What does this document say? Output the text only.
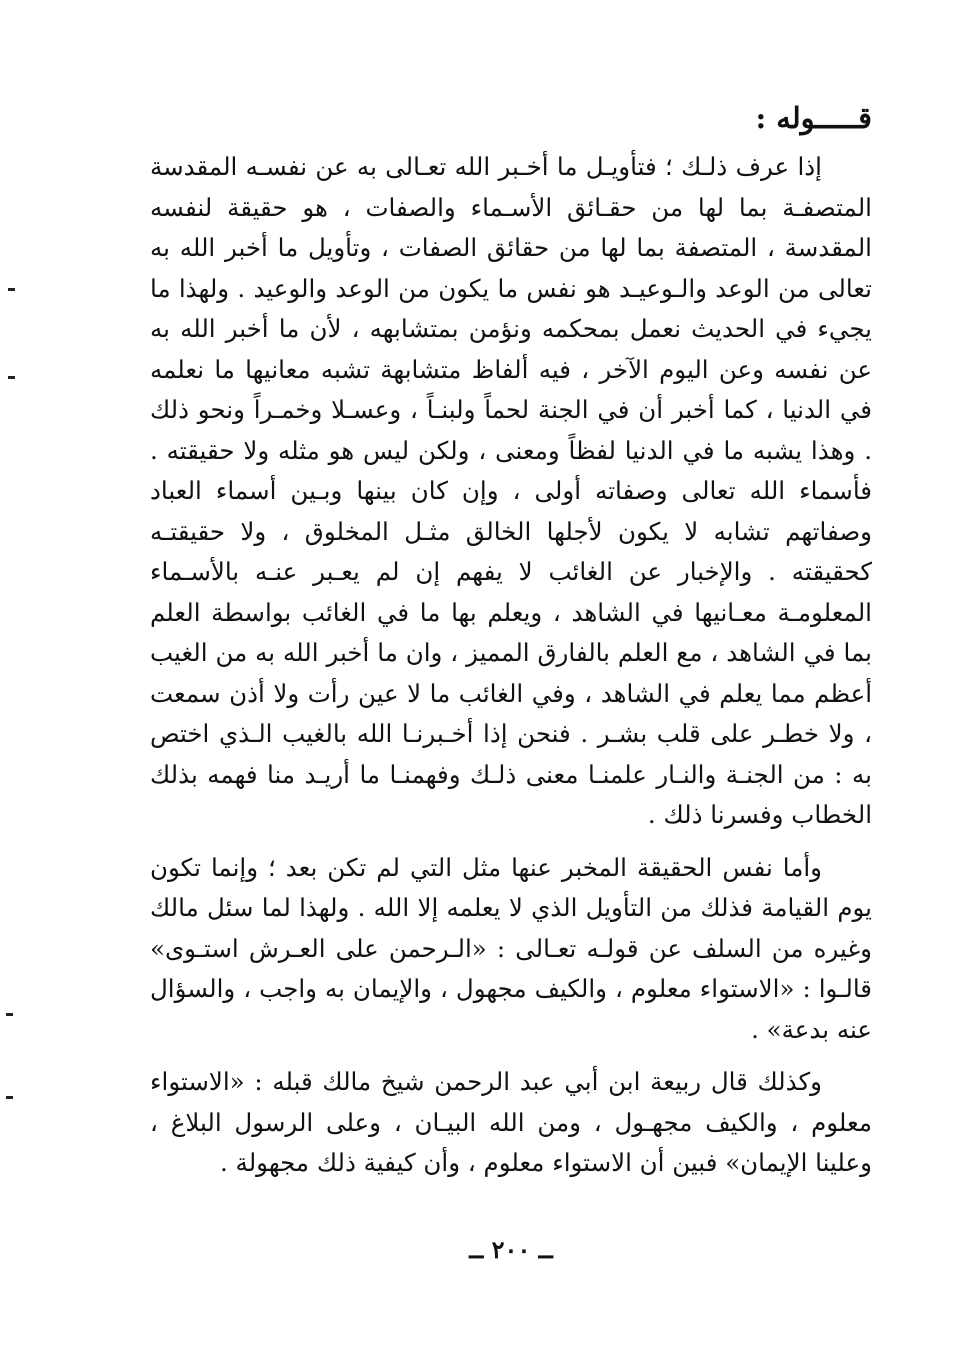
قـــــوله :

إذا عرف ذلـك ؛ فتأويـل ما أخـبر الله تعـالى به عن نفسـه المقدسة المتصفـة بما لها من حقـائق الأسـماء والصفات ، هو حقيقة لنفسه المقدسة ، المتصفة بما لها من حقائق الصفات ، وتأويل ما أخبر الله به تعالى من الوعد والـوعيـد هو نفس ما يكون من الوعد والوعيد . ولهذا ما يجيء في الحديث نعمل بمحكمه ونؤمن بمتشابهه ، لأن ما أخبر الله به عن نفسه وعن اليوم الآخر ، فيه ألفاظ متشابهة تشبه معانيها ما نعلمه في الدنيا ، كما أخبر أن في الجنة لحماً ولبنـاً ، وعسـلا وخمـراً ونحو ذلك . وهذا يشبه ما في الدنيا لفظاً ومعنى ، ولكن ليس هو مثله ولا حقيقته . فأسماء الله تعالى وصفاته أولى ، وإن كان بينها وبـين أسماء العباد وصفاتهم تشابه لا يكون لأجلها الخالق مثـل المخلوق ، ولا حقيقتـه كحقيقته . والإخبار عن الغائب لا يفهم إن لم يعـبر عنـه بالأسـماء المعلومـة معـانيها في الشاهد ، ويعلم بها ما في الغائب بواسطة العلم بما في الشاهد ، مع العلم بالفارق المميز ، وان ما أخبر الله به من الغيب أعظم مما يعلم في الشاهد ، وفي الغائب ما لا عين رأت ولا أذن سمعت ، ولا خطـر على قلب بشـر . فنحن إذا أخـبرنـا الله بالغيب الـذي اختص به : من الجنـة والنـار علمنـا معنى ذلـك وفهمنـا ما أريـد منا فهمه بذلك الخطاب وفسرنا ذلك .

وأما نفس الحقيقة المخبر عنها مثل التي لم تكن بعد ؛ وإنما تكون يوم القيامة فذلك من التأويل الذي لا يعلمه إلا الله . ولهذا لما سئل مالك وغيره من السلف عن قولـه تعـالى : «الـرحمن على العـرش استـوى» قالـوا : «الاستواء معلوم ، والكيف مجهول ، والإيمان به واجب ، والسؤال عنه بدعة» .

وكذلك قال ربيعة ابن أبي عبد الرحمن شيخ مالك قبله : «الاستواء معلوم ، والكيف مجهـول ، ومن الله البيـان ، وعلى الرسول البلاغ ، وعلينا الإيمان» فبين أن الاستواء معلوم ، وأن كيفية ذلك مجهولة .

ــ ٢٠٠ ــ
